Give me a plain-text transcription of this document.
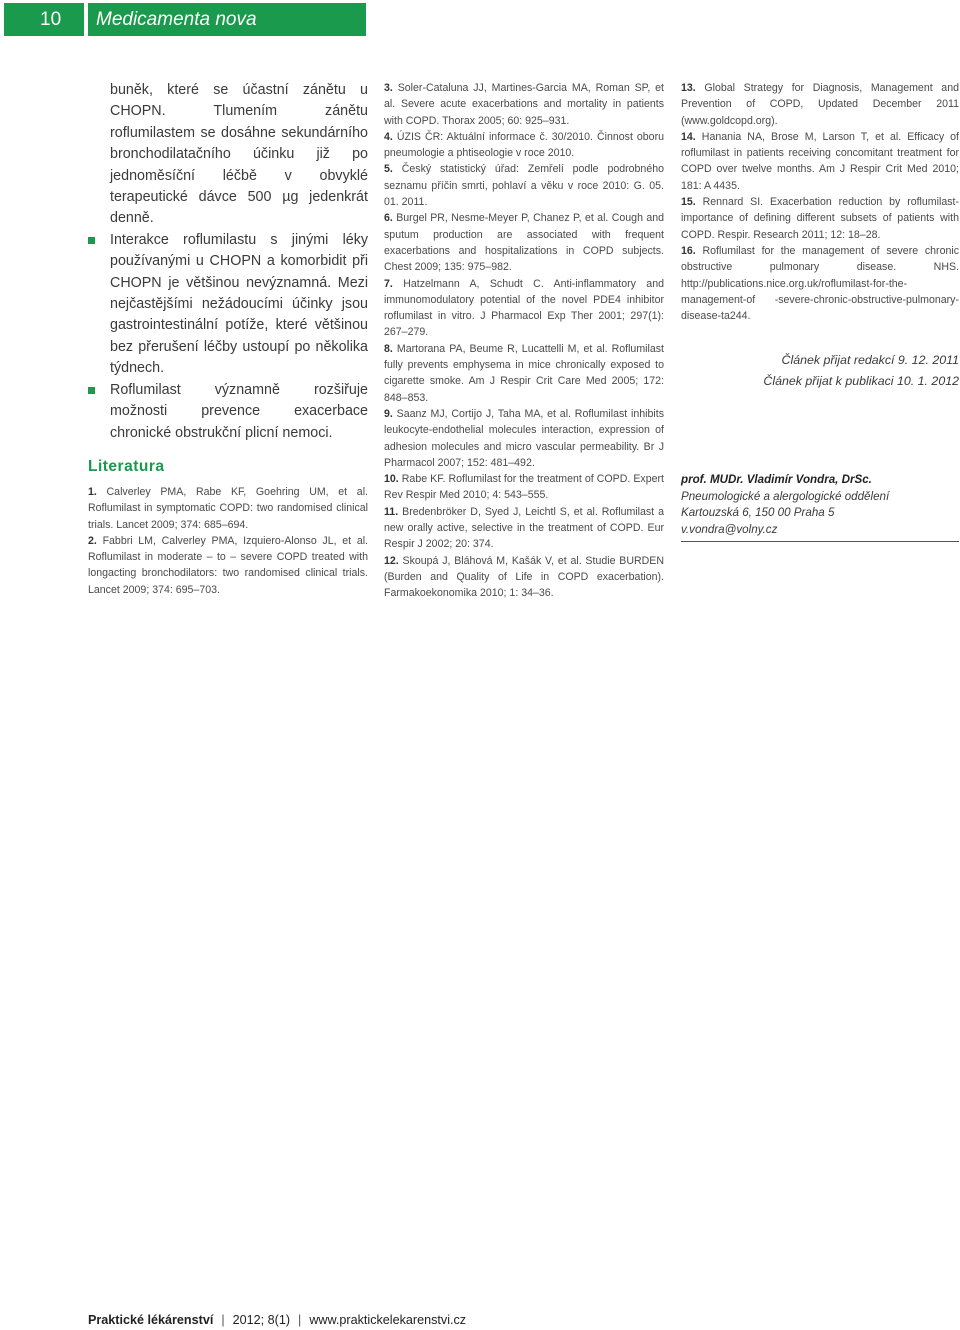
10	Medicamenta nova

buněk, které se účastní zánětu u CHOPN. Tlumením zánětu roflumilastem se dosáhne sekundárního bronchodilatačního účinku již po jednoměsíční léčbě v obvyklé terapeutické dávce 500 µg jedenkrát denně.

Interakce roflumilastu s jinými léky používanými u CHOPN a komorbidit při CHOPN je většinou nevýznamná. Mezi nejčastějšími nežádoucími účinky jsou gastrointestinální potíže, které většinou bez přerušení léčby ustoupí po několika týdnech.

Roflumilast významně rozšiřuje možnosti prevence exacerbace chronické obstrukční plicní nemoci.

Literatura

1. Calverley PMA, Rabe KF, Goehring UM, et al. Roflumilast in symptomatic COPD: two randomised clinical trials. Lancet 2009; 374: 685–694.

2. Fabbri LM, Calverley PMA, Izquiero-Alonso JL, et al. Roflumilast in moderate – to – severe COPD treated with longacting bronchodilators: two randomised clinical trials. Lancet 2009; 374: 695–703.

3. Soler-Cataluna JJ, Martines-Garcia MA, Roman SP, et al. Severe acute exacerbations and mortality in patients with COPD. Thorax 2005; 60: 925–931.

4. ÚZIS ČR: Aktuální informace č. 30/2010. Činnost oboru pneumologie a phtiseologie v roce 2010.

5. Český statistický úřad: Zemřelí podle podrobného seznamu příčin smrti, pohlaví a věku v roce 2010: G. 05. 01. 2011.

6. Burgel PR, Nesme-Meyer P, Chanez P, et al. Cough and sputum production are associated with frequent exacerbations and hospitalizations in COPD subjects. Chest 2009; 135: 975–982.

7. Hatzelmann A, Schudt C. Anti-inflammatory and immunomodulatory potential of the novel PDE4 inhibitor roflumilast in vitro. J Pharmacol Exp Ther 2001; 297(1): 267–279.

8. Martorana PA, Beume R, Lucattelli M, et al. Roflumilast fully prevents emphysema in mice chronically exposed to cigarette smoke. Am J Respir Crit Care Med 2005; 172: 848–853.

9. Saanz MJ, Cortijo J, Taha MA, et al. Roflumilast inhibits leukocyte-endothelial molecules interaction, expression of adhesion molecules and micro vascular permeability. Br J Pharmacol 2007; 152: 481–492.

10. Rabe KF. Roflumilast for the treatment of COPD. Expert Rev Respir Med 2010; 4: 543–555.

11. Bredenbröker D, Syed J, Leichtl S, et al. Roflumilast a new orally active, selective in the treatment of COPD. Eur Respir J 2002; 20: 374.

12. Skoupá J, Bláhová M, Kašák V, et al. Studie BURDEN (Burden and Quality of Life in COPD exacerbation). Farmakoekonomika 2010; 1: 34–36.

13. Global Strategy for Diagnosis, Management and Prevention of COPD, Updated December 2011 (www.goldcopd.org).

14. Hanania NA, Brose M, Larson T, et al. Efficacy of roflumilast in patients receiving concomitant treatment for COPD over twelve months. Am J Respir Crit Med 2010; 181: A 4435.

15. Rennard SI. Exacerbation reduction by roflumilast-importance of defining different subsets of patients with COPD. Respir. Research 2011; 12: 18–28.

16. Roflumilast for the management of severe chronic obstructive pulmonary disease. NHS. http://publications.nice.org.uk/roflumilast-for-the-management-of -severe-chronic-obstructive-pulmonary-disease-ta244.

Článek přijat redakcí 9. 12. 2011
Článek přijat k publikaci 10. 1. 2012
prof. MUDr. Vladimír Vondra, DrSc.
Pneumologické a alergologické oddělení
Kartouzská 6, 150 00 Praha 5
v.vondra@volny.cz
Praktické lékárenství | 2012; 8(1) | www.praktickelekarenstvi.cz
